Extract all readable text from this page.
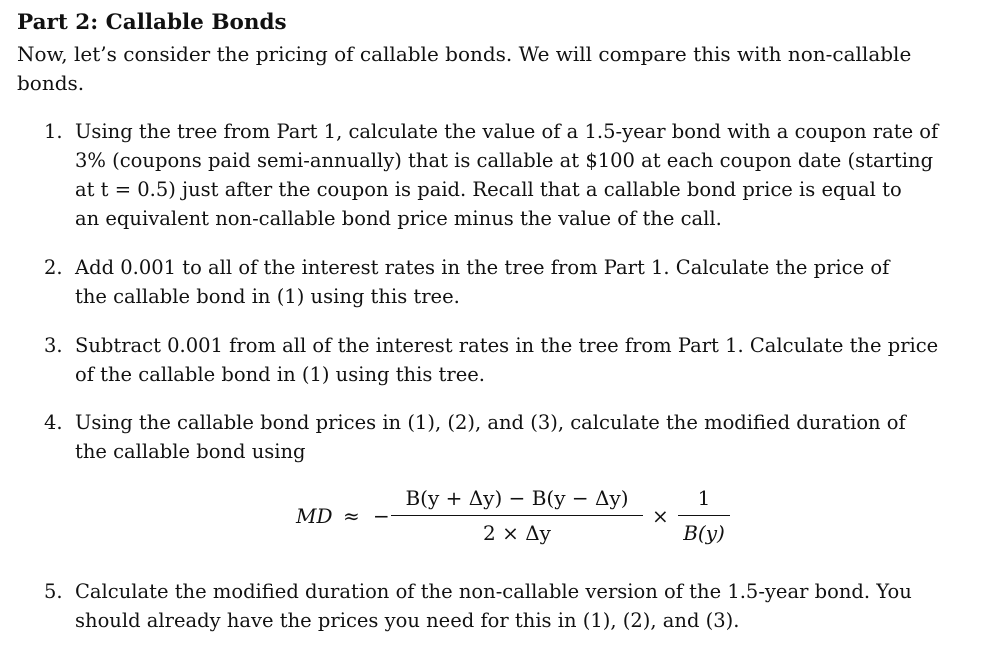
Part 2: Callable Bonds
Now, let’s consider the pricing of callable bonds. We will compare this with non-callable
bonds.
1. Using the tree from Part 1, calculate the value of a 1.5-year bond with a coupon rate of
3% (coupons paid semi-annually) that is callable at $100 at each coupon date (starting
at t = 0.5) just after the coupon is paid. Recall that a callable bond price is equal to
an equivalent non-callable bond price minus the value of the call.
2. Add 0.001 to all of the interest rates in the tree from Part 1. Calculate the price of
the callable bond in (1) using this tree.
3. Subtract 0.001 from all of the interest rates in the tree from Part 1. Calculate the price
of the callable bond in (1) using this tree.
4. Using the callable bond prices in (1), (2), and (3), calculate the modified duration of
the callable bond using
MD ≈ −
B(y + Δy) − B(y − Δy)
2 × Δy
×
1
B(y)
5. Calculate the modified duration of the non-callable version of the 1.5-year bond. You
should already have the prices you need for this in (1), (2), and (3).
